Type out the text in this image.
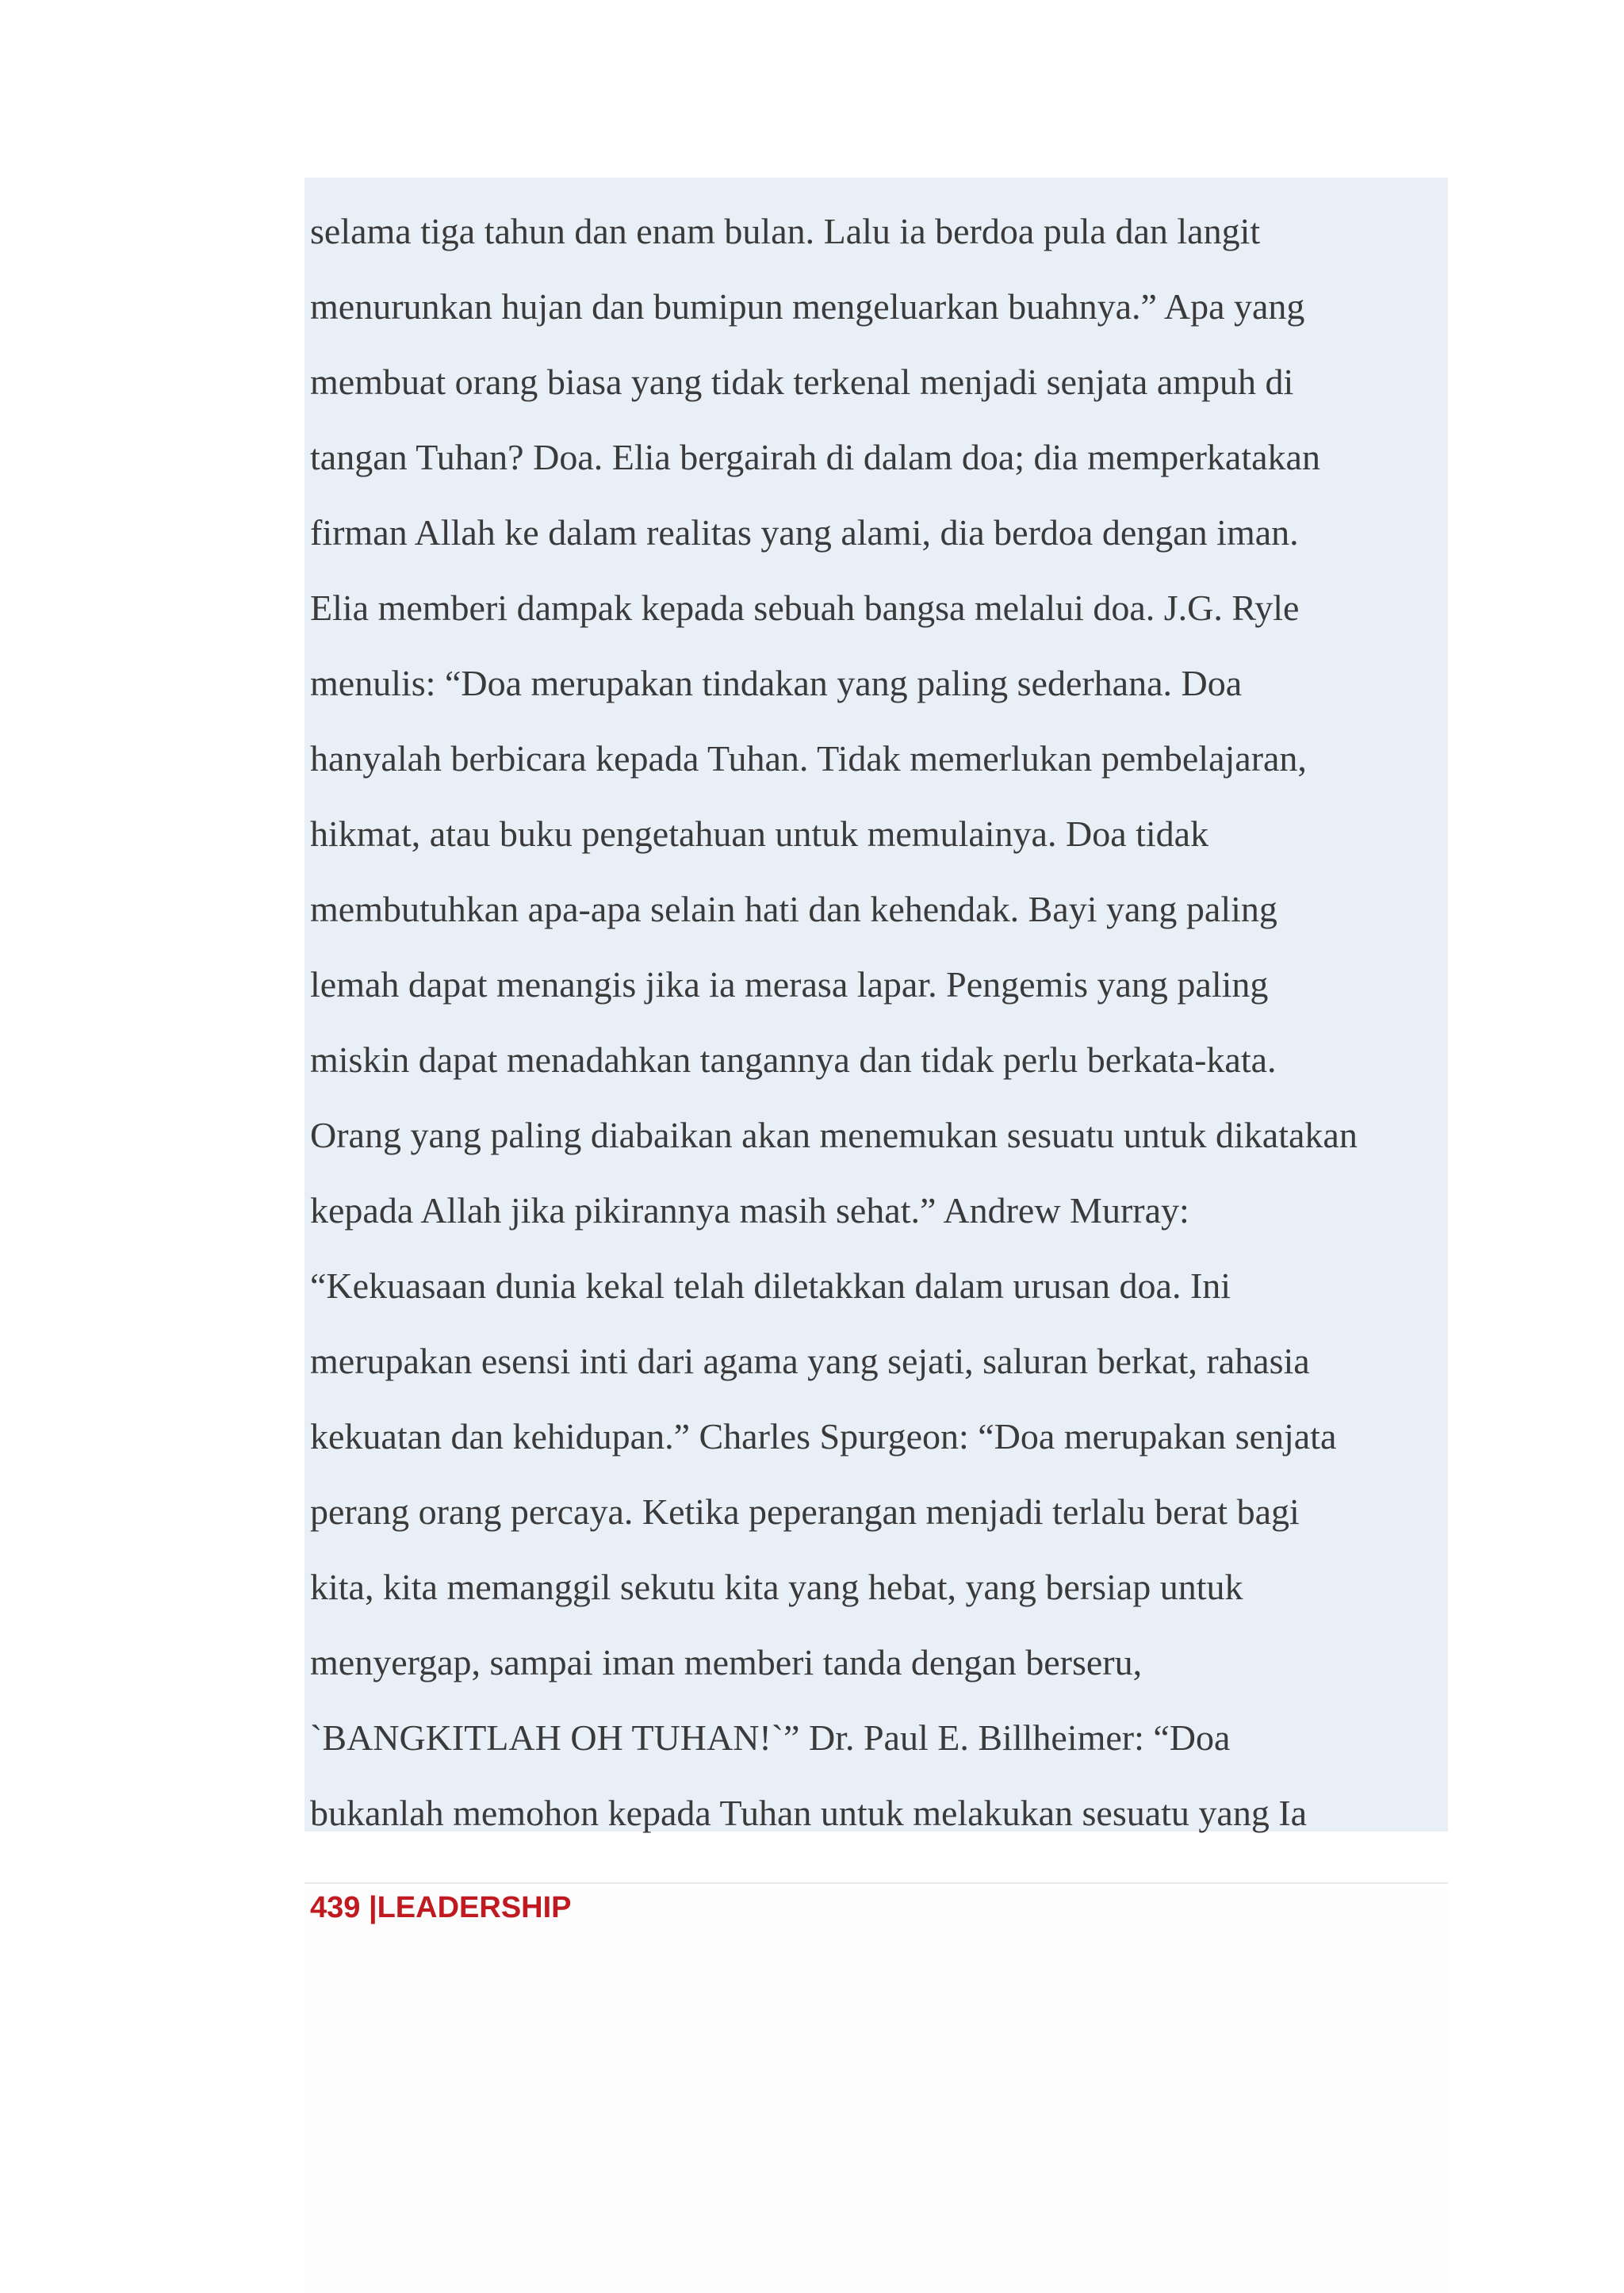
selama tiga tahun dan enam bulan. Lalu ia berdoa pula dan langit
menurunkan hujan dan bumipun mengeluarkan buahnya.” Apa yang
membuat orang biasa yang tidak terkenal menjadi senjata ampuh di
tangan Tuhan? Doa. Elia bergairah di dalam doa; dia memperkatakan
firman Allah ke dalam realitas yang alami, dia berdoa dengan iman.
Elia memberi dampak kepada sebuah bangsa melalui doa. J.G. Ryle
menulis: “Doa merupakan tindakan yang paling sederhana. Doa
hanyalah berbicara kepada Tuhan. Tidak memerlukan pembelajaran,
hikmat, atau buku pengetahuan untuk memulainya. Doa tidak
membutuhkan apa-apa selain hati dan kehendak. Bayi yang paling
lemah dapat menangis jika ia merasa lapar. Pengemis yang paling
miskin dapat menadahkan tangannya dan tidak perlu berkata-kata.
Orang yang paling diabaikan akan menemukan sesuatu untuk dikatakan
kepada Allah jika pikirannya masih sehat.” Andrew Murray:
“Kekuasaan dunia kekal telah diletakkan dalam urusan doa. Ini
merupakan esensi inti dari agama yang sejati, saluran berkat, rahasia
kekuatan dan kehidupan.” Charles Spurgeon: “Doa merupakan senjata
perang orang percaya. Ketika peperangan menjadi terlalu berat bagi
kita, kita memanggil sekutu kita yang hebat, yang bersiap untuk
menyergap, sampai iman memberi tanda dengan berseru,
`BANGKITLAH OH TUHAN!`” Dr. Paul E. Billheimer: “Doa
bukanlah memohon kepada Tuhan untuk melakukan sesuatu yang Ia
439 |LEADERSHIP
